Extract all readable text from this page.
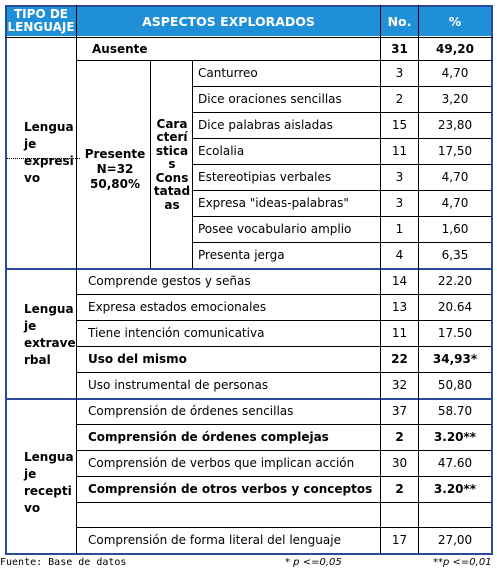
TIPO DE LENGUAJE	ASPECTOS EXPLORADOS	No.	%
Lengua
je
expresi
vo
Lengua
je
extrave
rbal
Lengua
je
recepti
vo
Ausente	31	49,20
Presente
N=32
50,80%
Cara
cterí
stica
s
Cons
tatad
as
Canturreo	3	4,70
Dice oraciones sencillas	2	3,20
Dice palabras aisladas	15	23,80
Ecolalia	11	17,50
Estereotipias verbales	3	4,70
Expresa "ideas-palabras"	3	4,70
Posee vocabulario amplio	1	1,60
Presenta jerga	4	6,35
Comprende gestos y señas	14	22.20
Expresa estados emocionales	13	20.64
Tiene intención comunicativa	11	17.50
Uso del mismo	22	34,93*
Uso instrumental de personas	32	50,80
Comprensión de órdenes sencillas	37	58.70
Comprensión de órdenes complejas	2	3.20**
Comprensión de verbos que implican acción	30	47.60
Comprensión de otros verbos y conceptos	2	3.20**
Comprensión de forma literal del lenguaje	17	27,00
Fuente: Base de datos	* p <=0,05	**p <=0,01
